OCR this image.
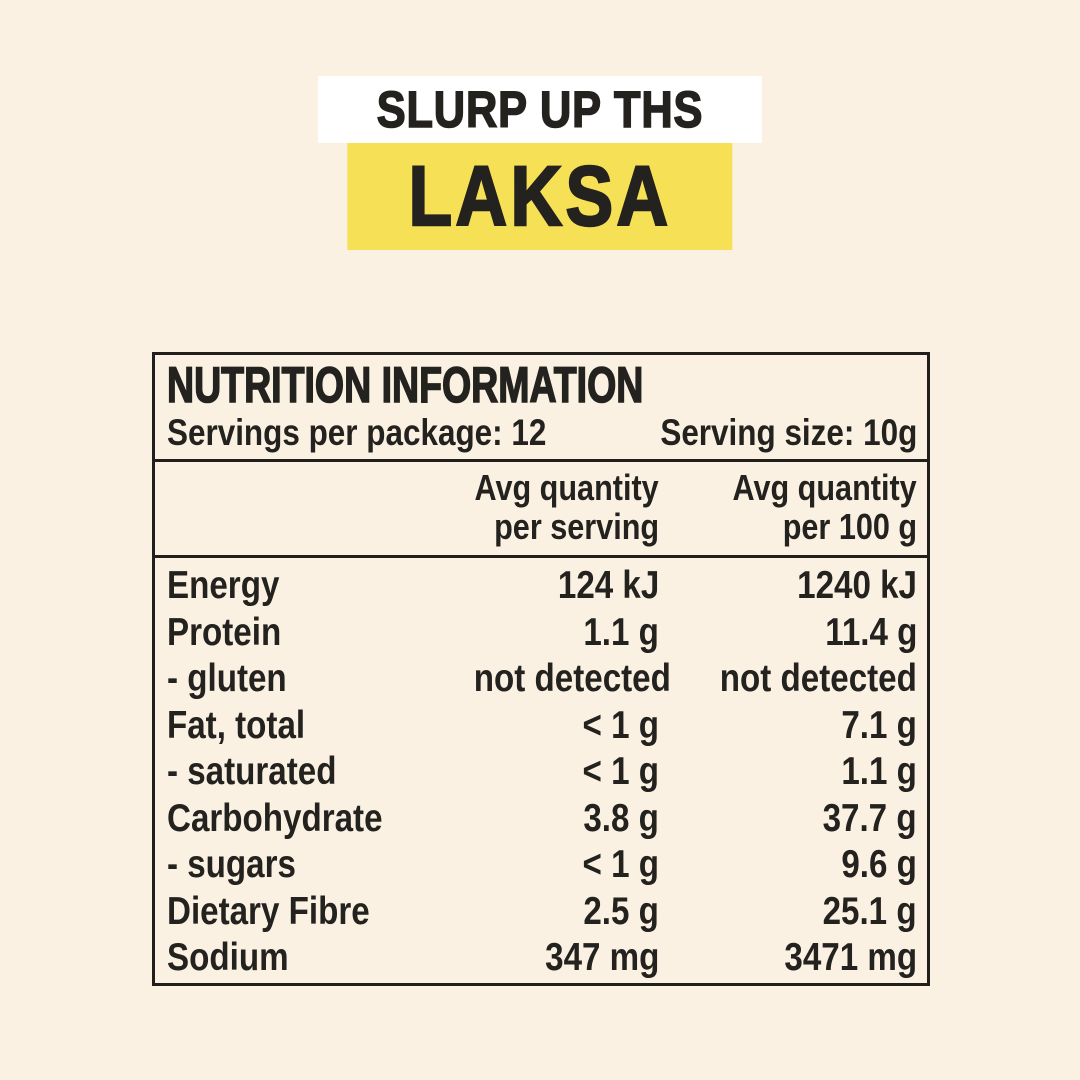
SLURP UP THS
LAKSA
NUTRITION INFORMATION
Servings per package: 12	Serving size: 10g
Avg quantity
per serving
Avg quantity
per 100 g
Energy	124 kJ	1240 kJ
Protein	1.1 g	11.4 g
- gluten	not detected	not detected
Fat, total	< 1 g	7.1 g
- saturated	< 1 g	1.1 g
Carbohydrate	3.8 g	37.7 g
- sugars	< 1 g	9.6 g
Dietary Fibre	2.5 g	25.1 g
Sodium	347 mg	3471 mg
